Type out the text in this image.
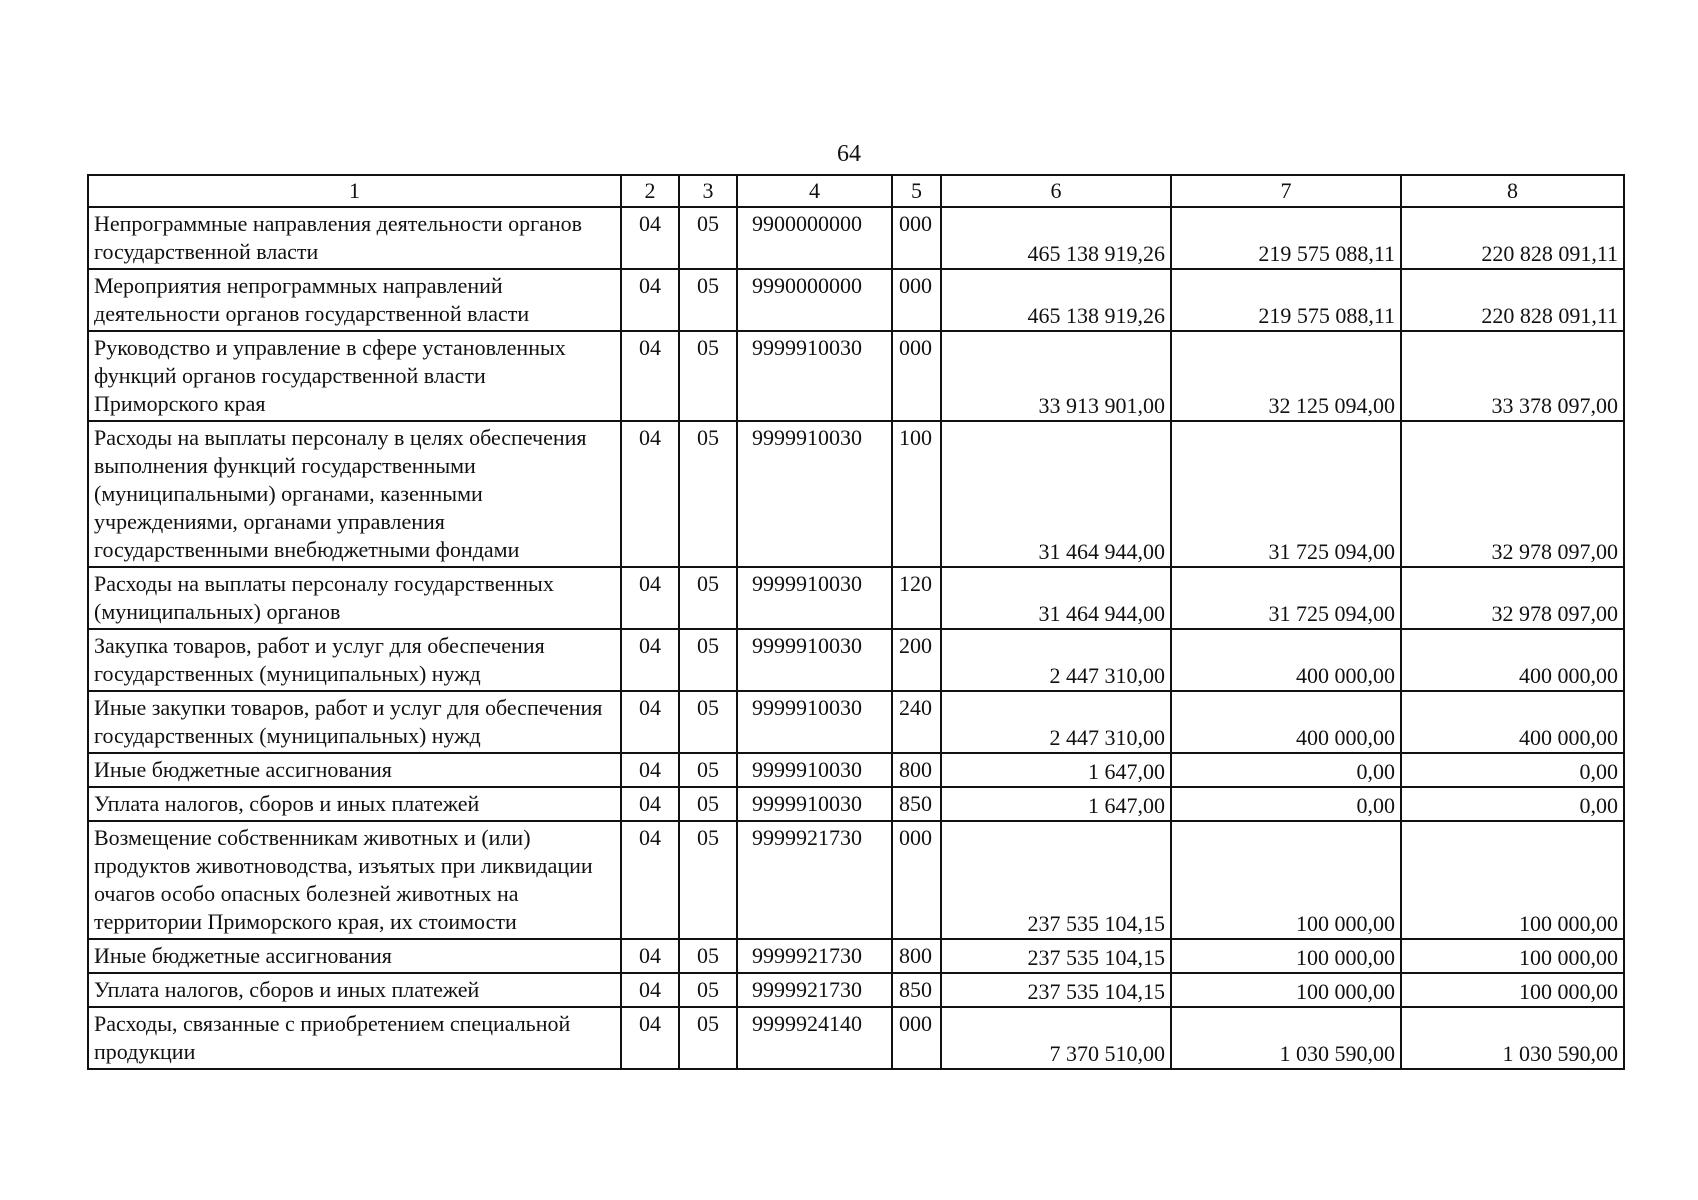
64
1	2	3	4	5	6	7	8
Непрограммные направления деятельности органов государственной власти	04	05	9900000000	000	465 138 919,26	219 575 088,11	220 828 091,11
Мероприятия непрограммных направлений деятельности органов государственной власти	04	05	9990000000	000	465 138 919,26	219 575 088,11	220 828 091,11
Руководство и управление в сфере установленных функций органов государственной власти Приморского края	04	05	9999910030	000	33 913 901,00	32 125 094,00	33 378 097,00
Расходы на выплаты персоналу в целях обеспечения выполнения функций государственными (муниципальными) органами, казенными учреждениями, органами управления государственными внебюджетными фондами	04	05	9999910030	100	31 464 944,00	31 725 094,00	32 978 097,00
Расходы на выплаты персоналу государственных (муниципальных) органов	04	05	9999910030	120	31 464 944,00	31 725 094,00	32 978 097,00
Закупка товаров, работ и услуг для обеспечения государственных (муниципальных) нужд	04	05	9999910030	200	2 447 310,00	400 000,00	400 000,00
Иные закупки товаров, работ и услуг для обеспечения государственных (муниципальных) нужд	04	05	9999910030	240	2 447 310,00	400 000,00	400 000,00
Иные бюджетные ассигнования	04	05	9999910030	800	1 647,00	0,00	0,00
Уплата налогов, сборов и иных платежей	04	05	9999910030	850	1 647,00	0,00	0,00
Возмещение собственникам животных и (или) продуктов животноводства, изъятых при ликвидации очагов особо опасных болезней животных на территории Приморского края, их стоимости	04	05	9999921730	000	237 535 104,15	100 000,00	100 000,00
Иные бюджетные ассигнования	04	05	9999921730	800	237 535 104,15	100 000,00	100 000,00
Уплата налогов, сборов и иных платежей	04	05	9999921730	850	237 535 104,15	100 000,00	100 000,00
Расходы, связанные с приобретением специальной продукции	04	05	9999924140	000	7 370 510,00	1 030 590,00	1 030 590,00
